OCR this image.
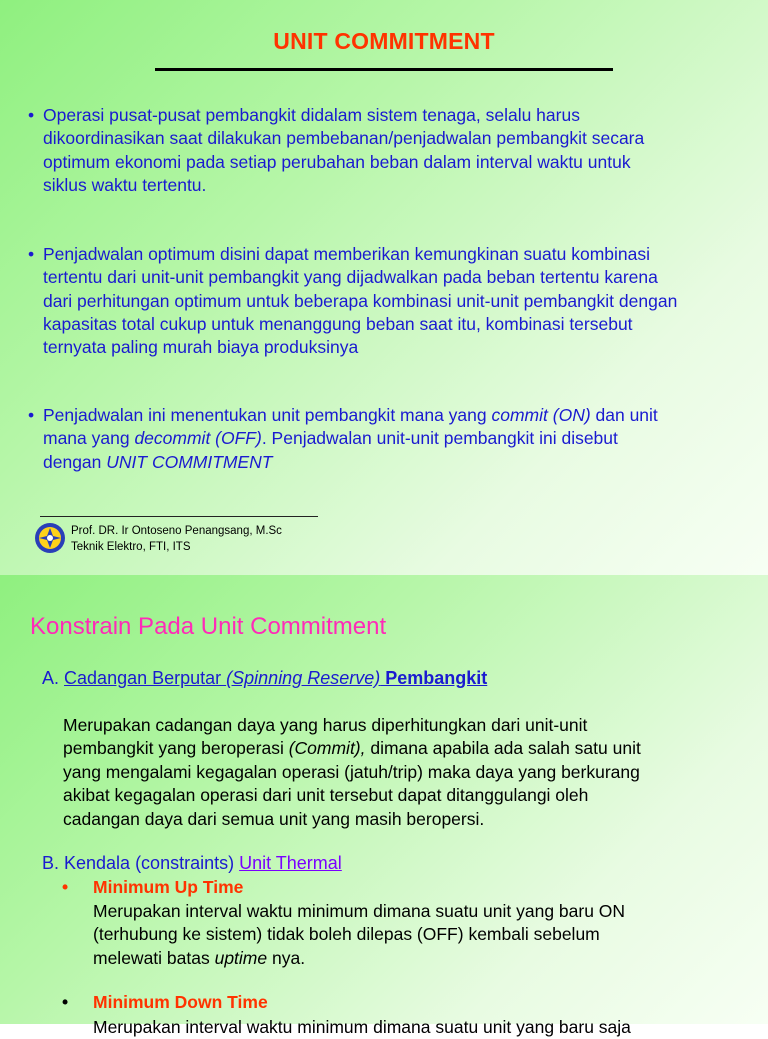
UNIT COMMITMENT
• Operasi pusat-pusat pembangkit didalam sistem tenaga, selalu harus
dikoordinasikan saat dilakukan pembebanan/penjadwalan pembangkit secara
optimum ekonomi pada setiap perubahan beban dalam interval waktu untuk
siklus waktu tertentu.
• Penjadwalan optimum disini dapat memberikan kemungkinan suatu kombinasi
tertentu dari unit-unit pembangkit yang dijadwalkan pada beban tertentu karena
dari perhitungan optimum untuk beberapa kombinasi unit-unit pembangkit dengan
kapasitas total cukup untuk menanggung beban saat itu, kombinasi tersebut
ternyata paling murah biaya produksinya
• Penjadwalan ini menentukan unit pembangkit mana yang commit (ON) dan unit
mana yang decommit (OFF). Penjadwalan unit-unit pembangkit ini disebut
dengan UNIT COMMITMENT
Prof. DR. Ir Ontoseno Penangsang, M.Sc
Teknik Elektro, FTI, ITS
Konstrain Pada Unit Commitment
A. Cadangan Berputar (Spinning Reserve) Pembangkit
Merupakan cadangan daya yang harus diperhitungkan dari unit-unit
pembangkit yang beroperasi (Commit), dimana apabila ada salah satu unit
yang mengalami kegagalan operasi (jatuh/trip) maka daya yang berkurang
akibat kegagalan operasi dari unit tersebut dapat ditanggulangi oleh
cadangan daya dari semua unit yang masih beropersi.
B. Kendala (constraints) Unit Thermal
• Minimum Up Time
Merupakan interval waktu minimum dimana suatu unit yang baru ON
(terhubung ke sistem) tidak boleh dilepas (OFF) kembali sebelum
melewati batas uptime nya.
• Minimum Down Time
Merupakan interval waktu minimum dimana suatu unit yang baru saja
